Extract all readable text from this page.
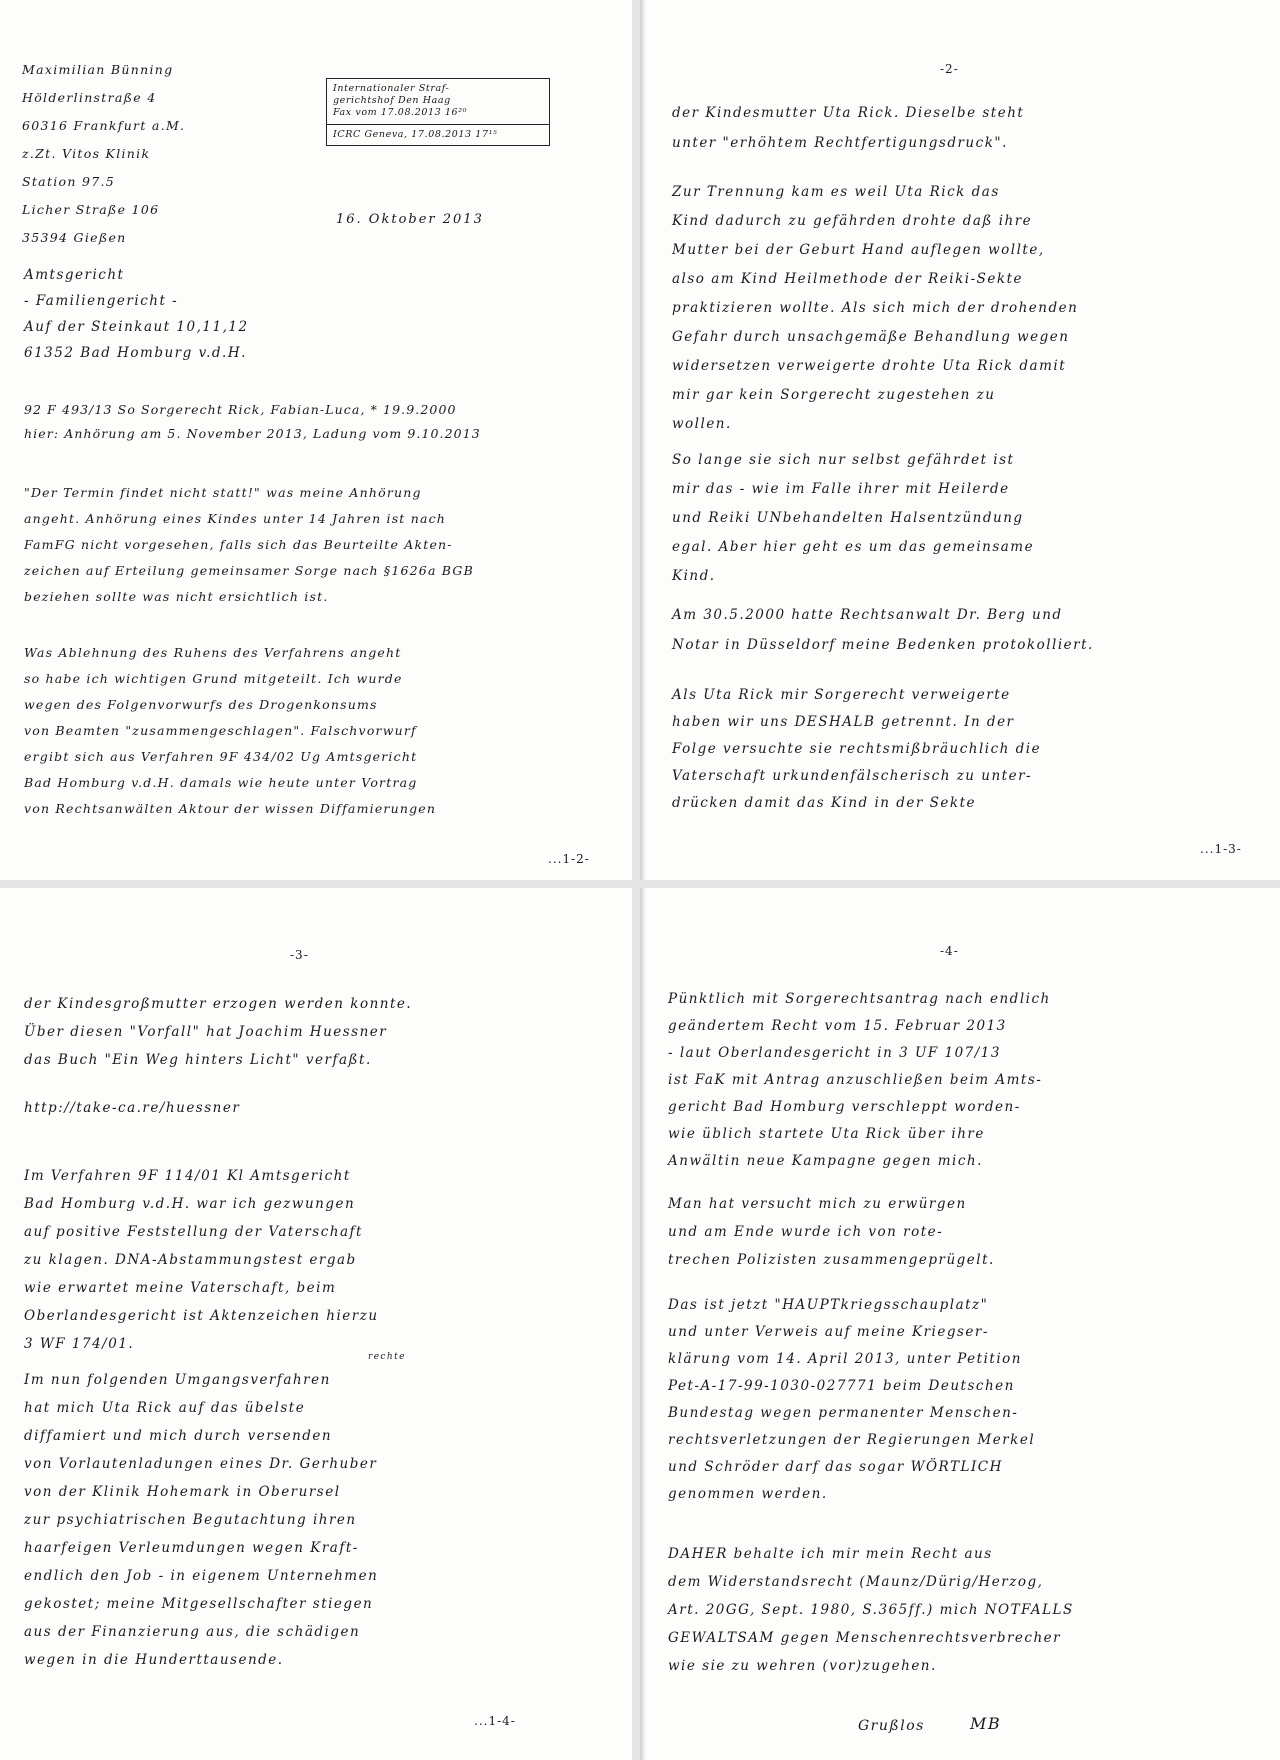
Maximilian Bünning
Hölderlinstraße 4
60316 Frankfurt a.M.
z.Zt. Vitos Klinik
Station 97.5
Licher Straße 106
35394 Gießen
Internationaler Straf-
gerichtshof Den Haag
Fax vom 17.08.2013 16²⁰
ICRC Geneva, 17.08.2013 17¹⁵
16. Oktober 2013
Amtsgericht
- Familiengericht -
Auf der Steinkaut 10,11,12
61352 Bad Homburg v.d.H.
92 F 493/13 So Sorgerecht Rick, Fabian-Luca, * 19.9.2000
hier: Anhörung am 5. November 2013, Ladung vom 9.10.2013
"Der Termin findet nicht statt!" was meine Anhörung
angeht. Anhörung eines Kindes unter 14 Jahren ist nach
FamFG nicht vorgesehen, falls sich das Beurteilte Akten-
zeichen auf Erteilung gemeinsamer Sorge nach §1626a BGB
beziehen sollte was nicht ersichtlich ist.
Was Ablehnung des Ruhens des Verfahrens angeht
so habe ich wichtigen Grund mitgeteilt. Ich wurde
wegen des Folgenvorwurfs des Drogenkonsums
von Beamten "zusammengeschlagen". Falschvorwurf
ergibt sich aus Verfahren 9F 434/02 Ug Amtsgericht
Bad Homburg v.d.H. damals wie heute unter Vortrag
von Rechtsanwälten Aktour der wissen Diffamierungen
...1-2-
-2-
der Kindesmutter Uta Rick. Dieselbe steht
unter "erhöhtem Rechtfertigungsdruck".
Zur Trennung kam es weil Uta Rick das
Kind dadurch zu gefährden drohte daß ihre
Mutter bei der Geburt Hand auflegen wollte,
also am Kind Heilmethode der Reiki-Sekte
praktizieren wollte. Als sich mich der drohenden
Gefahr durch unsachgemäße Behandlung wegen
widersetzen verweigerte drohte Uta Rick damit
mir gar kein Sorgerecht zugestehen zu
wollen.
So lange sie sich nur selbst gefährdet ist
mir das - wie im Falle ihrer mit Heilerde
und Reiki UNbehandelten Halsentzündung
egal. Aber hier geht es um das gemeinsame
Kind.
Am 30.5.2000 hatte Rechtsanwalt Dr. Berg und
Notar in Düsseldorf meine Bedenken protokolliert.
Als Uta Rick mir Sorgerecht verweigerte
haben wir uns DESHALB getrennt. In der
Folge versuchte sie rechtsmißbräuchlich die
Vaterschaft urkundenfälscherisch zu unter-
drücken damit das Kind in der Sekte
...1-3-
-3-
der Kindesgroßmutter erzogen werden konnte.
Über diesen "Vorfall" hat Joachim Huessner
das Buch "Ein Weg hinters Licht" verfaßt.
http://take-ca.re/huessner
Im Verfahren 9F 114/01 Kl Amtsgericht
Bad Homburg v.d.H. war ich gezwungen
auf positive Feststellung der Vaterschaft
zu klagen. DNA-Abstammungstest ergab
wie erwartet meine Vaterschaft, beim
Oberlandesgericht ist Aktenzeichen hierzu
3 WF 174/01.
rechte
Im nun folgenden Umgangsverfahren
hat mich Uta Rick auf das übelste
diffamiert und mich durch versenden
von Vorlautenladungen eines Dr. Gerhuber
von der Klinik Hohemark in Oberursel
zur psychiatrischen Begutachtung ihren
haarfeigen Verleumdungen wegen Kraft-
endlich den Job - in eigenem Unternehmen
gekostet; meine Mitgesellschafter stiegen
aus der Finanzierung aus, die schädigen
wegen in die Hunderttausende.
...1-4-
-4-
Pünktlich mit Sorgerechtsantrag nach endlich
geändertem Recht vom 15. Februar 2013
- laut Oberlandesgericht in 3 UF 107/13
ist FaK mit Antrag anzuschließen beim Amts-
gericht Bad Homburg verschleppt worden-
wie üblich startete Uta Rick über ihre
Anwältin neue Kampagne gegen mich.
Man hat versucht mich zu erwürgen
und am Ende wurde ich von rote-
trechen Polizisten zusammengeprügelt.
Das ist jetzt "HAUPTkriegsschauplatz"
und unter Verweis auf meine Kriegser-
klärung vom 14. April 2013, unter Petition
Pet-A-17-99-1030-027771 beim Deutschen
Bundestag wegen permanenter Menschen-
rechtsverletzungen der Regierungen Merkel
und Schröder darf das sogar WÖRTLICH
genommen werden.
DAHER behalte ich mir mein Recht aus
dem Widerstandsrecht (Maunz/Dürig/Herzog,
Art. 20GG, Sept. 1980, S.365ff.) mich NOTFALLS
GEWALTSAM gegen Menschenrechtsverbrecher
wie sie zu wehren (vor)zugehen.
Grußlos	MB
